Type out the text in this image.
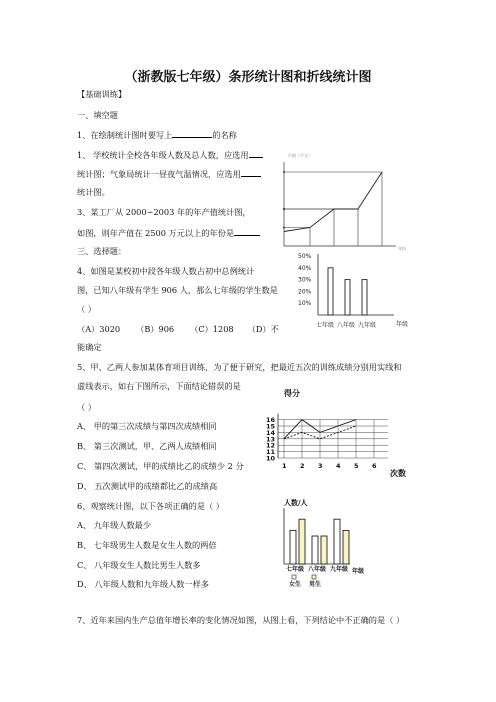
（浙教版七年级）条形统计图和折线统计图
【基础训练】
一、填空题
1、在绘制统计图时要写上	的名称
1、 学校统计全校各年级人数及总人数，应选用
统计图；气象局统计一昼夜气温情况，应选用
统计图。
3、某工厂从 2000∽2003 年的年产值统计图，
如图，则年产值在 2500 万元以上的年份是
三、选择题：
4、如图是某校初中段各年级人数占初中总例统计
图，已知八年级有学生 906 人，那么七年级的学生数是
（ ）
（A）3020 （B）906 （C）1208 （D）不
能确定
5、甲、乙两人参加某体育项目训练，为了便于研究，把最近五次的训练成绩分别用实线和
虚线表示，如右下图所示，下面结论错误的是
（ ）
A、 甲的第三次成绩与第四次成绩相同
B、 第三次测试，甲、乙两人成绩相同
C、 第四次测试，甲的成绩比乙的成绩少 2 分
D、 五次测试甲的成绩都比乙的成绩高
6、观察统计图，以下各项正确的是（ ）
A、 九年级人数最少
B、 七年级男生人数是女生人数的两倍
C、 八年级女生人数比男生人数多
D、 八年级人数和九年级人数一样多
7、近年来国内生产总值年增长率的变化情况如图，从图上看，下列结论中不正确的是（ ）
产值（千万）
年份
50%
40%
30%
20%
10%
七年级 八年级 九年级	年级
得分
次数
16
15
14
13
12
11
10
1 2 3 4 5 6
人数/人
年级
七年级 八年级 九年级
女生 男生
